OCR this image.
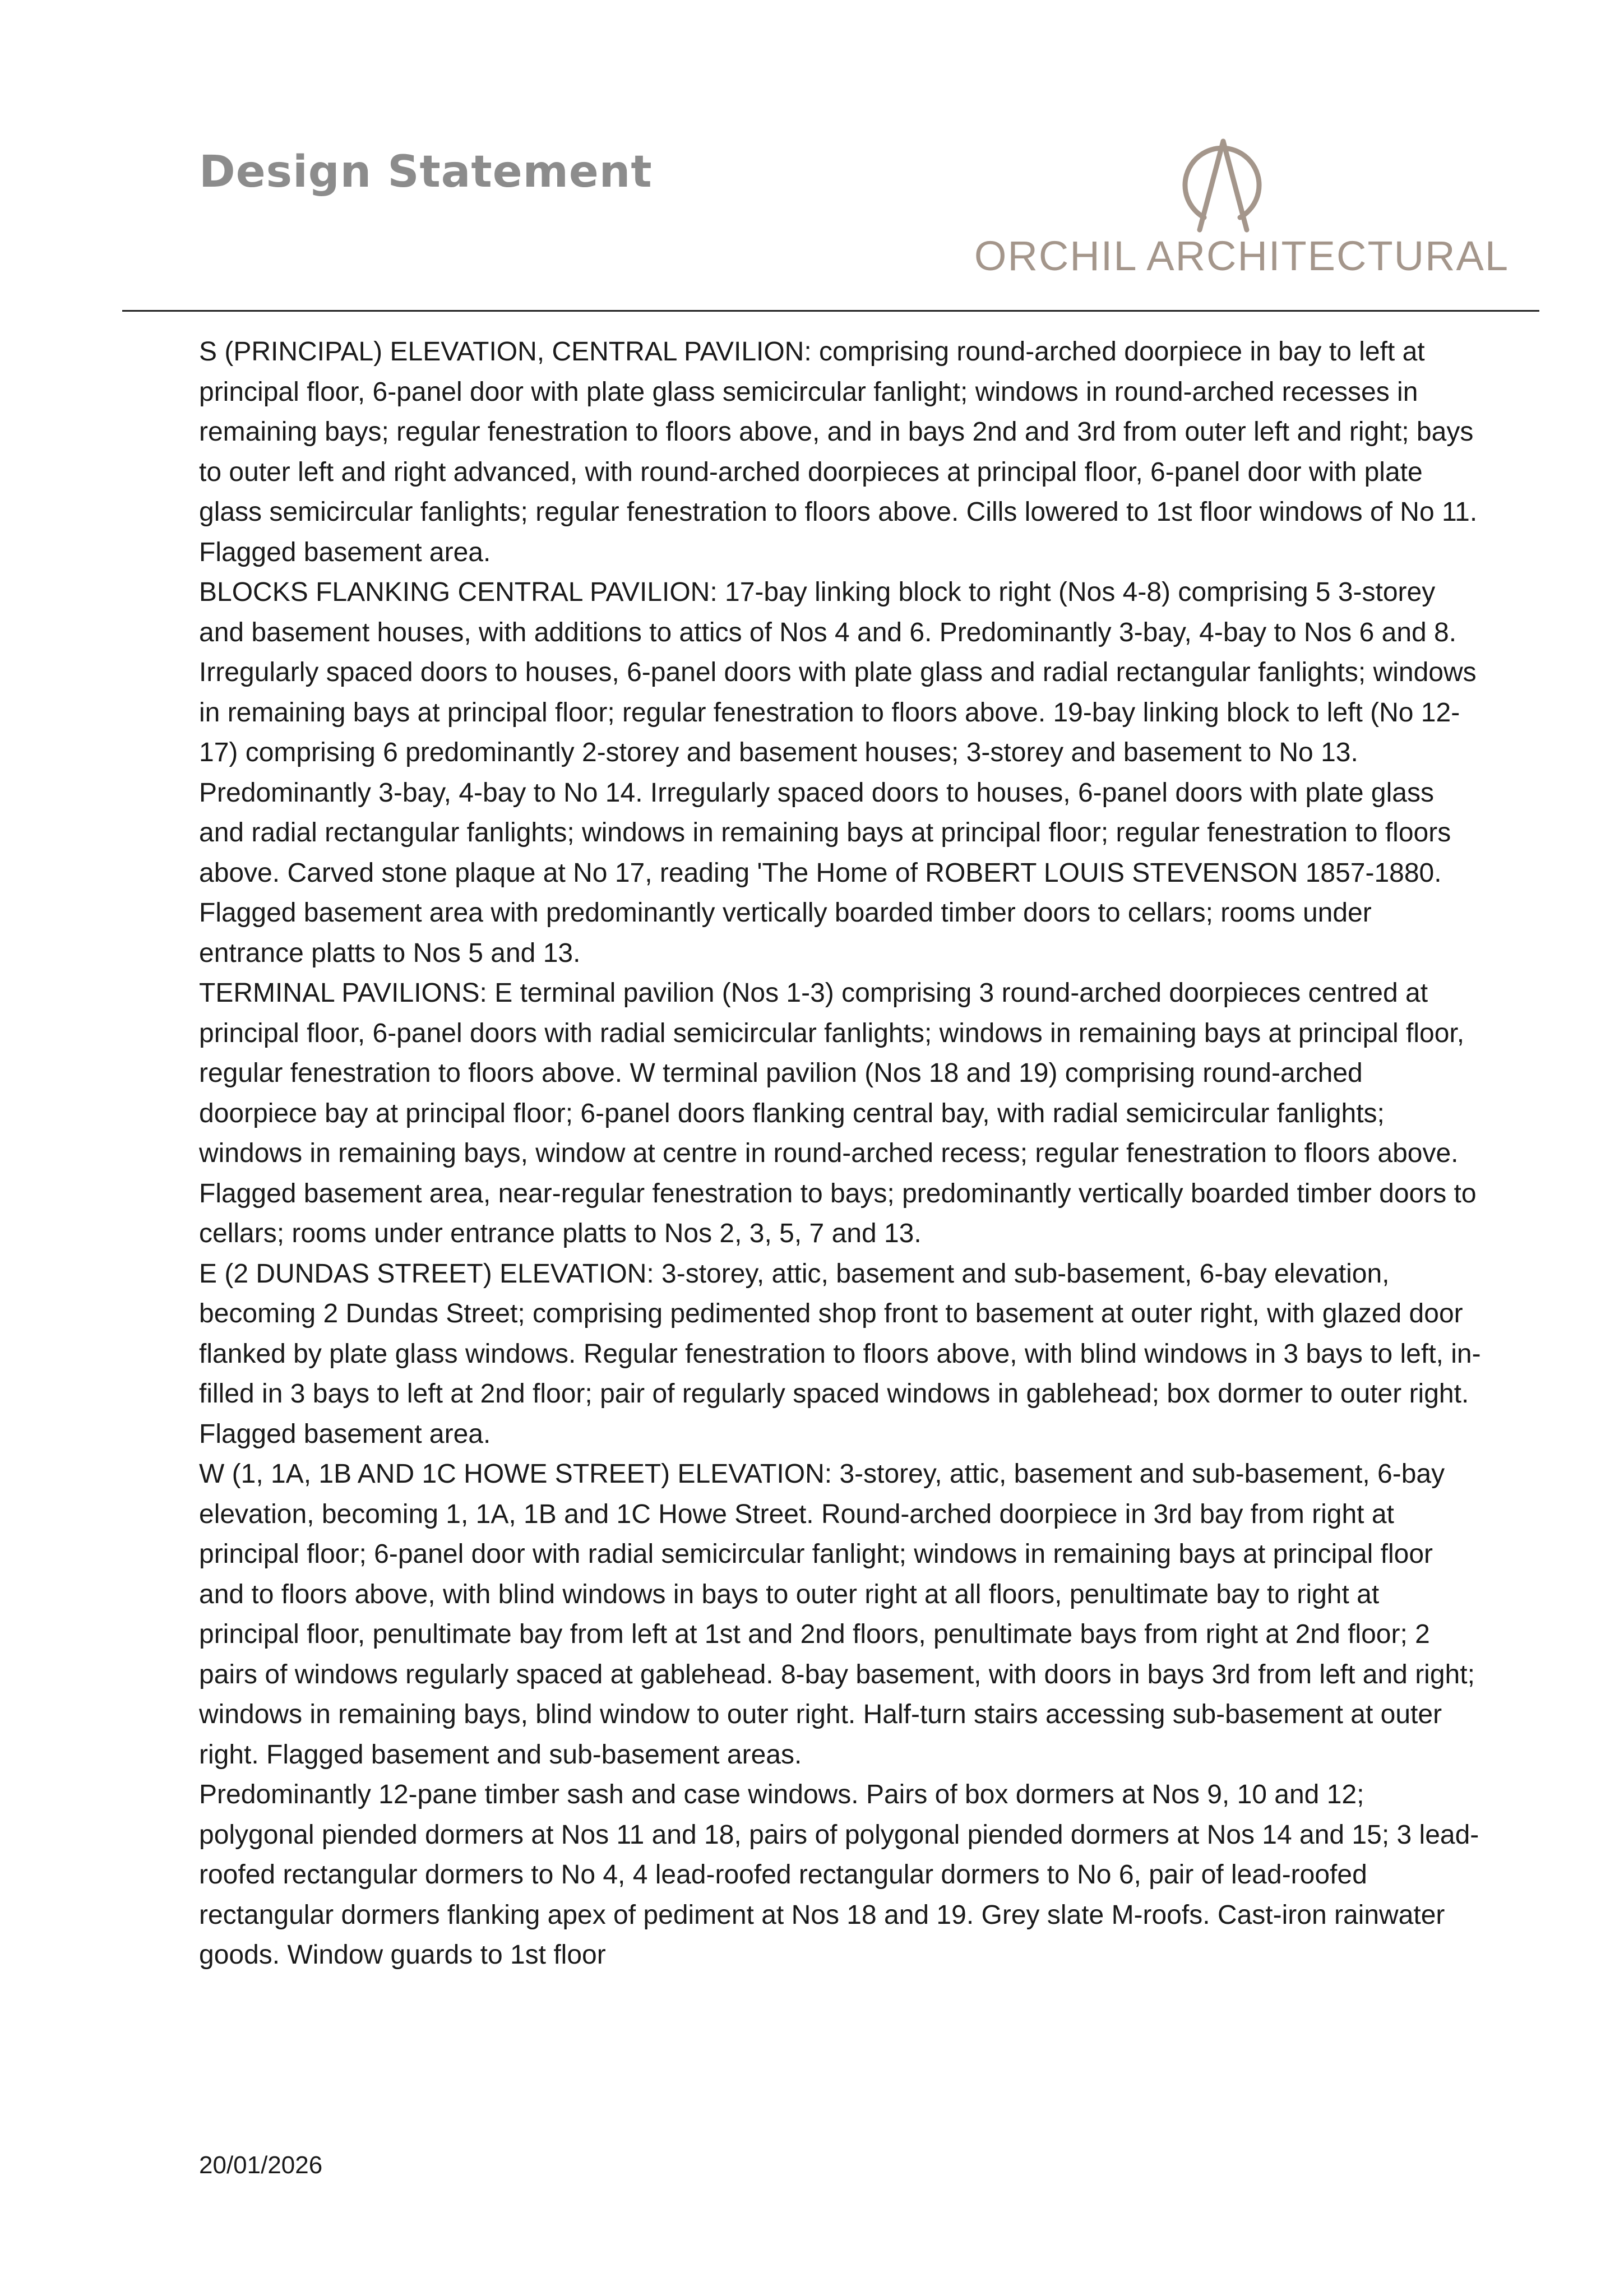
Design Statement
ORCHIL ARCHITECTURAL

S (PRINCIPAL) ELEVATION, CENTRAL PAVILION: comprising round-arched doorpiece in bay to left at principal floor, 6-panel door with plate glass semicircular fanlight; windows in round-arched recesses in remaining bays; regular fenestration to floors above, and in bays 2nd and 3rd from outer left and right; bays to outer left and right advanced, with round-arched doorpieces at principal floor, 6-panel door with plate glass semicircular fanlights; regular fenestration to floors above. Cills lowered to 1st floor windows of No 11. Flagged basement area.

BLOCKS FLANKING CENTRAL PAVILION: 17-bay linking block to right (Nos 4-8) comprising 5 3-storey and basement houses, with additions to attics of Nos 4 and 6. Predominantly 3-bay, 4-bay to Nos 6 and 8. Irregularly spaced doors to houses, 6-panel doors with plate glass and radial rectangular fanlights; windows in remaining bays at principal floor; regular fenestration to floors above. 19-bay linking block to left (No 12-17) comprising 6 predominantly 2-storey and basement houses; 3-storey and basement to No 13. Predominantly 3-bay, 4-bay to No 14. Irregularly spaced doors to houses, 6-panel doors with plate glass and radial rectangular fanlights; windows in remaining bays at principal floor; regular fenestration to floors above. Carved stone plaque at No 17, reading 'The Home of ROBERT LOUIS STEVENSON 1857-1880. Flagged basement area with predominantly vertically boarded timber doors to cellars; rooms under entrance platts to Nos 5 and 13.

TERMINAL PAVILIONS: E terminal pavilion (Nos 1-3) comprising 3 round-arched doorpieces centred at principal floor, 6-panel doors with radial semicircular fanlights; windows in remaining bays at principal floor, regular fenestration to floors above. W terminal pavilion (Nos 18 and 19) comprising round-arched doorpiece bay at principal floor; 6-panel doors flanking central bay, with radial semicircular fanlights; windows in remaining bays, window at centre in round-arched recess; regular fenestration to floors above. Flagged basement area, near-regular fenestration to bays; predominantly vertically boarded timber doors to cellars; rooms under entrance platts to Nos 2, 3, 5, 7 and 13.

E (2 DUNDAS STREET) ELEVATION: 3-storey, attic, basement and sub-basement, 6-bay elevation, becoming 2 Dundas Street; comprising pedimented shop front to basement at outer right, with glazed door flanked by plate glass windows. Regular fenestration to floors above, with blind windows in 3 bays to left, in-filled in 3 bays to left at 2nd floor; pair of regularly spaced windows in gablehead; box dormer to outer right. Flagged basement area.

W (1, 1A, 1B AND 1C HOWE STREET) ELEVATION: 3-storey, attic, basement and sub-basement, 6-bay elevation, becoming 1, 1A, 1B and 1C Howe Street. Round-arched doorpiece in 3rd bay from right at principal floor; 6-panel door with radial semicircular fanlight; windows in remaining bays at principal floor and to floors above, with blind windows in bays to outer right at all floors, penultimate bay to right at principal floor, penultimate bay from left at 1st and 2nd floors, penultimate bays from right at 2nd floor; 2 pairs of windows regularly spaced at gablehead. 8-bay basement, with doors in bays 3rd from left and right; windows in remaining bays, blind window to outer right. Half-turn stairs accessing sub-basement at outer right. Flagged basement and sub-basement areas.

Predominantly 12-pane timber sash and case windows. Pairs of box dormers at Nos 9, 10 and 12; polygonal piended dormers at Nos 11 and 18, pairs of polygonal piended dormers at Nos 14 and 15; 3 lead-roofed rectangular dormers to No 4, 4 lead-roofed rectangular dormers to No 6, pair of lead-roofed rectangular dormers flanking apex of pediment at Nos 18 and 19. Grey slate M-roofs. Cast-iron rainwater goods. Window guards to 1st floor

20/01/2026
